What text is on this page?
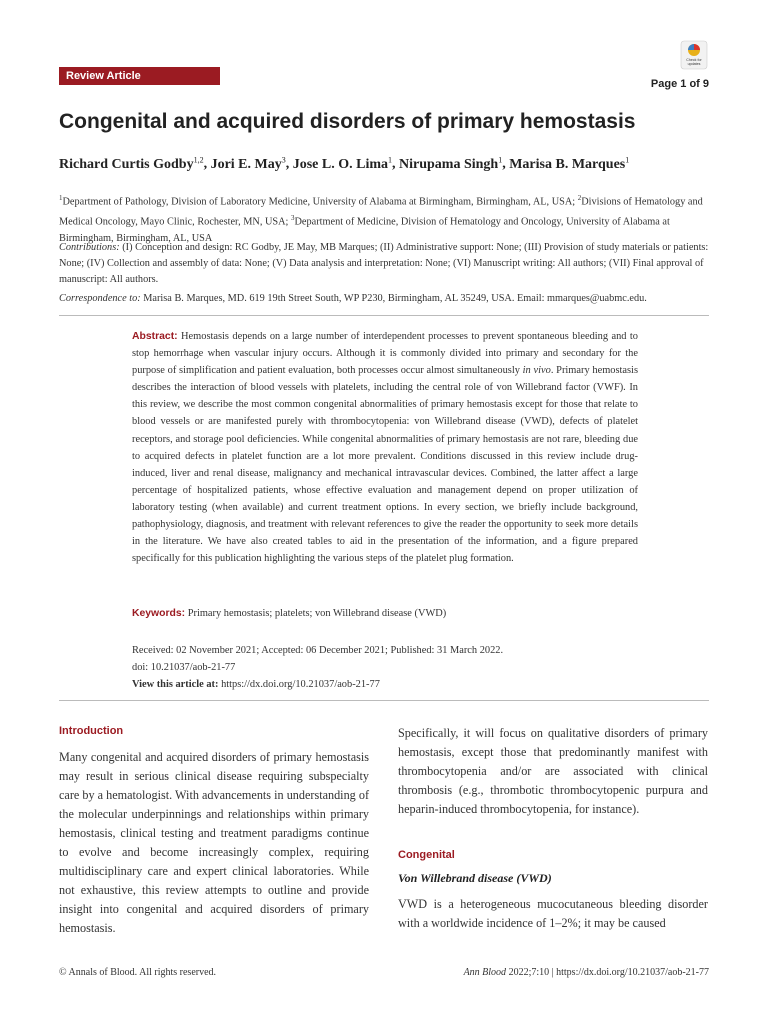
Review Article
Check for
updates
Page 1 of 9
Congenital and acquired disorders of primary hemostasis
Richard Curtis Godby$^{1,2}$, Jori E. May$^3$, Jose L. O. Lima$^1$, Nirupama Singh$^1$, Marisa B. Marques$^1$
$^1$Department of Pathology, Division of Laboratory Medicine, University of Alabama at Birmingham, Birmingham, AL, USA; $^2$Divisions of Hematology and Medical Oncology, Mayo Clinic, Rochester, MN, USA; $^3$Department of Medicine, Division of Hematology and Oncology, University of Alabama at Birmingham, Birmingham, AL, USA
Contributions: (I) Conception and design: RC Godby, JE May, MB Marques; (II) Administrative support: None; (III) Provision of study materials or patients: None; (IV) Collection and assembly of data: None; (V) Data analysis and interpretation: None; (VI) Manuscript writing: All authors; (VII) Final approval of manuscript: All authors.
Correspondence to: Marisa B. Marques, MD. 619 19th Street South, WP P230, Birmingham, AL 35249, USA. Email: mmarques@uabmc.edu.

Abstract: Hemostasis depends on a large number of interdependent processes to prevent spontaneous bleeding and to stop hemorrhage when vascular injury occurs. Although it is commonly divided into primary and secondary for the purpose of simplification and patient evaluation, both processes occur almost simultaneously in vivo. Primary hemostasis describes the interaction of blood vessels with platelets, including the central role of von Willebrand factor (VWF). In this review, we describe the most common congenital abnormalities of primary hemostasis except for those that relate to blood vessels or are manifested purely with thrombocytopenia: von Willebrand disease (VWD), defects of platelet receptors, and storage pool deficiencies. While congenital abnormalities of primary hemostasis are not rare, bleeding due to acquired defects in platelet function are a lot more prevalent. Conditions discussed in this review include drug-induced, liver and renal disease, malignancy and mechanical intravascular devices. Combined, the latter affect a large percentage of hospitalized patients, whose effective evaluation and management depend on proper utilization of laboratory testing (when available) and current treatment options. In every section, we briefly include background, pathophysiology, diagnosis, and treatment with relevant references to give the reader the opportunity to seek more details in the literature. We have also created tables to aid in the presentation of the information, and a figure prepared specifically for this publication highlighting the various steps of the platelet plug formation.

Keywords: Primary hemostasis; platelets; von Willebrand disease (VWD)
Received: 02 November 2021; Accepted: 06 December 2021; Published: 31 March 2022.
doi: 10.21037/aob-21-77
View this article at: https://dx.doi.org/10.21037/aob-21-77
Introduction

Many congenital and acquired disorders of primary hemostasis may result in serious clinical disease requiring subspecialty care by a hematologist. With advancements in understanding of the molecular underpinnings and relationships within primary hemostasis, clinical testing and treatment paradigms continue to evolve and become increasingly complex, requiring multidisciplinary care and expert clinical laboratories. While not exhaustive, this review attempts to outline and provide insight into congenital and acquired disorders of primary hemostasis.

Specifically, it will focus on qualitative disorders of primary hemostasis, except those that predominantly manifest with thrombocytopenia and/or are associated with clinical thrombosis (e.g., thrombotic thrombocytopenic purpura and heparin-induced thrombocytopenia, for instance).

Congenital
Von Willebrand disease (VWD)

VWD is a heterogeneous mucocutaneous bleeding disorder with a worldwide incidence of 1–2%; it may be caused

© Annals of Blood. All rights reserved.	Ann Blood 2022;7:10 | https://dx.doi.org/10.21037/aob-21-77
